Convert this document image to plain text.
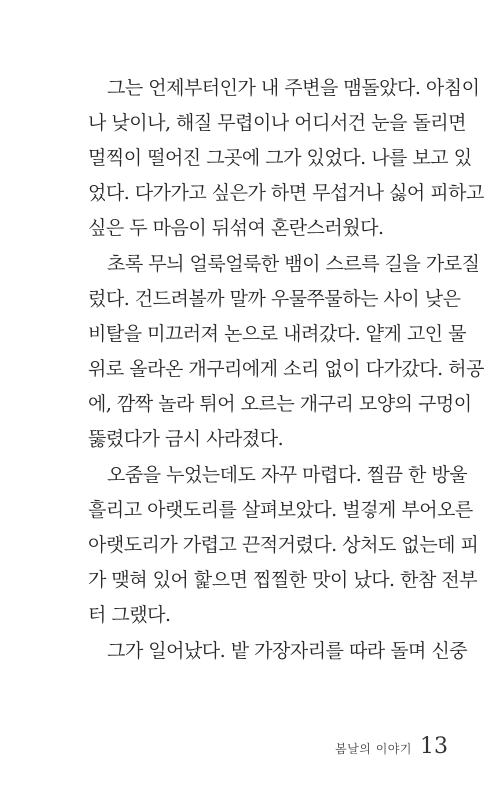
그는 언제부터인가 내 주변을 맴돌았다. 아침이
나 낮이나, 해질 무렵이나 어디서건 눈을 돌리면
멀찍이 떨어진 그곳에 그가 있었다. 나를 보고 있
었다. 다가가고 싶은가 하면 무섭거나 싫어 피하고
싶은 두 마음이 뒤섞여 혼란스러웠다.
초록 무늬 얼룩얼룩한 뱀이 스르륵 길을 가로질
렀다. 건드려볼까 말까 우물쭈물하는 사이 낮은
비탈을 미끄러져 논으로 내려갔다. 얕게 고인 물
위로 올라온 개구리에게 소리 없이 다가갔다. 허공
에, 깜짝 놀라 튀어 오르는 개구리 모양의 구멍이
뚫렸다가 금시 사라졌다.
오줌을 누었는데도 자꾸 마렵다. 찔끔 한 방울
흘리고 아랫도리를 살펴보았다. 벌겋게 부어오른
아랫도리가 가렵고 끈적거렸다. 상처도 없는데 피
가 맺혀 있어 핥으면 찝찔한 맛이 났다. 한참 전부
터 그랬다.
그가 일어났다. 밭 가장자리를 따라 돌며 신중
봄날의 이야기 13
